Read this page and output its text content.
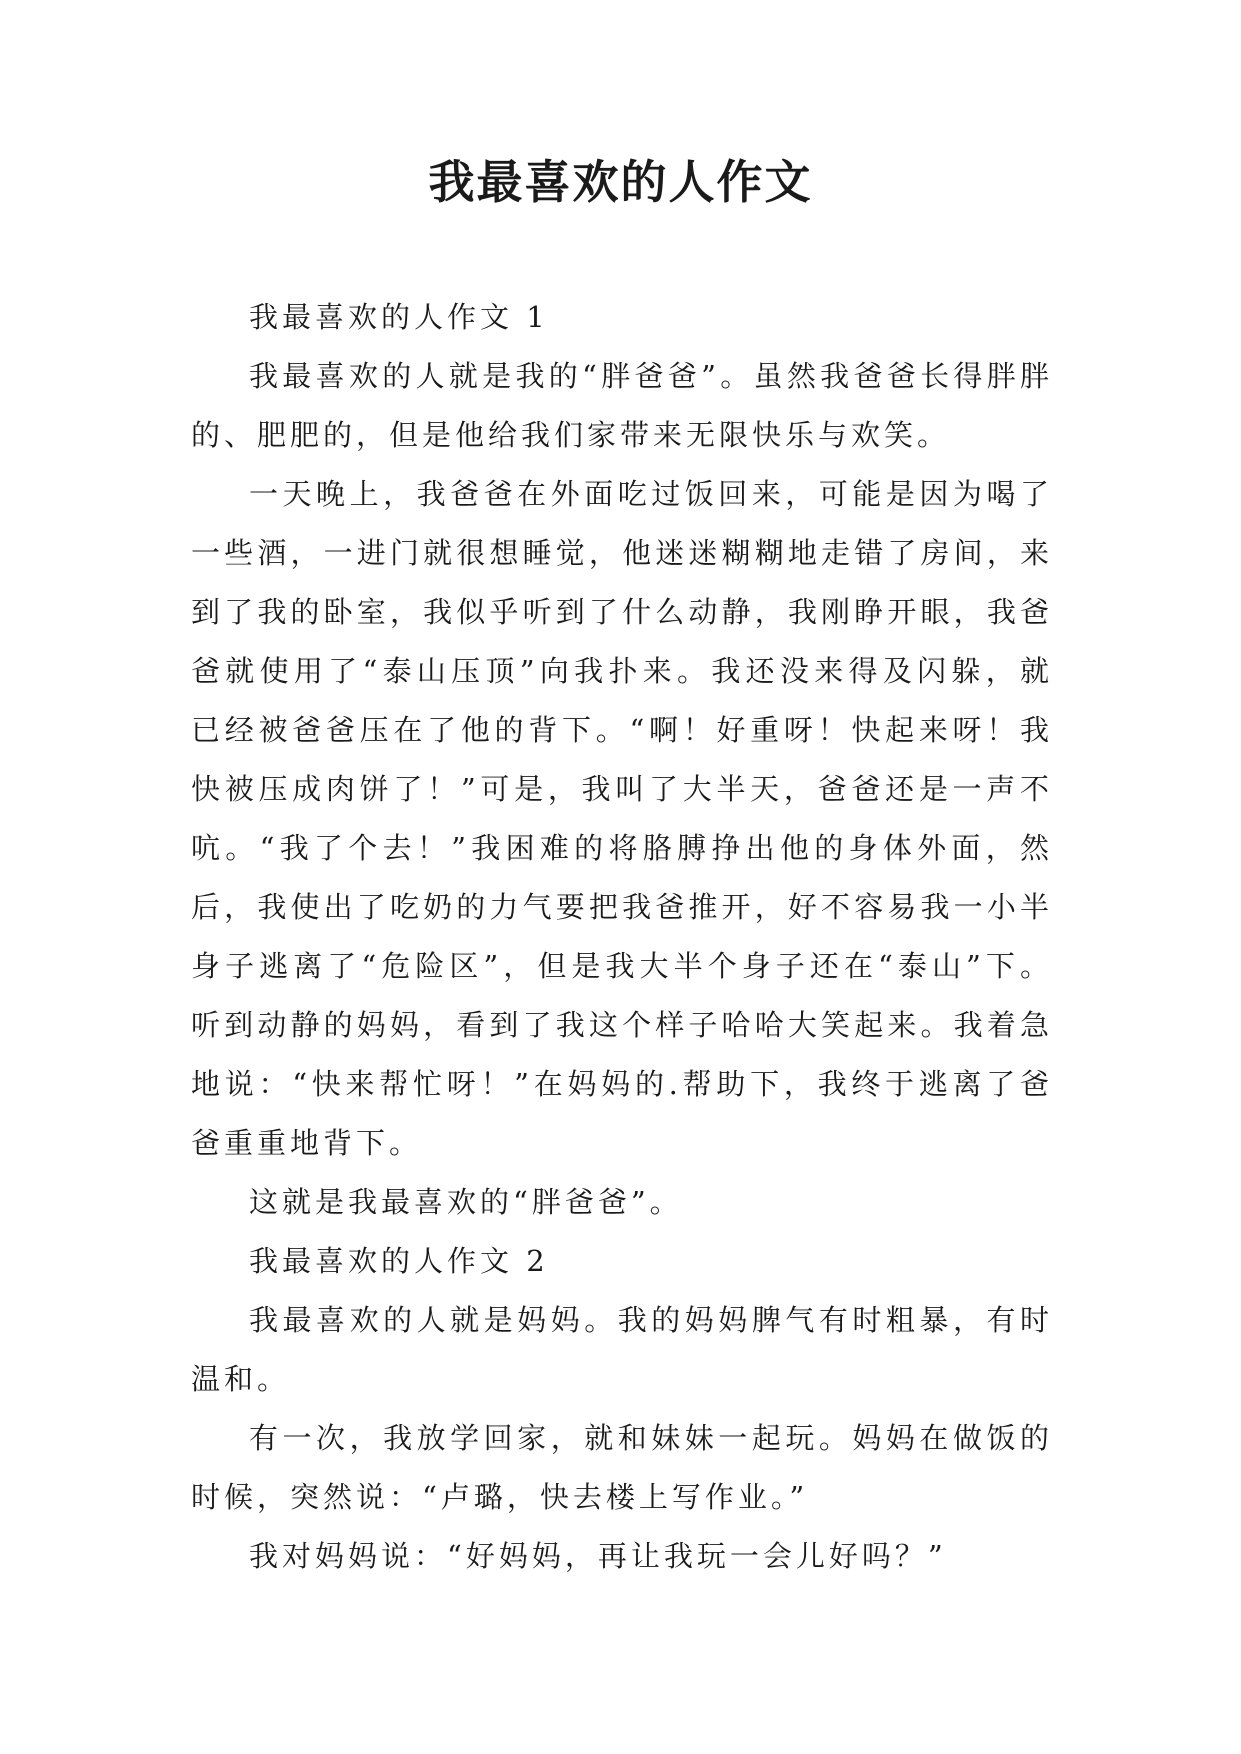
我最喜欢的人作文

我最喜欢的人作文 1

我最喜欢的人就是我的“胖爸爸”。虽然我爸爸长得胖胖的、肥肥的，但是他给我们家带来无限快乐与欢笑。

一天晚上，我爸爸在外面吃过饭回来，可能是因为喝了一些酒，一进门就很想睡觉，他迷迷糊糊地走错了房间，来到了我的卧室，我似乎听到了什么动静，我刚睁开眼，我爸爸就使用了“泰山压顶”向我扑来。我还没来得及闪躲，就已经被爸爸压在了他的背下。“啊！好重呀！快起来呀！我快被压成肉饼了！”可是，我叫了大半天，爸爸还是一声不吭。“我了个去！”我困难的将胳膊挣出他的身体外面，然后，我使出了吃奶的力气要把我爸推开，好不容易我一小半身子逃离了“危险区”，但是我大半个身子还在“泰山”下。听到动静的妈妈，看到了我这个样子哈哈大笑起来。我着急地说：“快来帮忙呀！”在妈妈的.帮助下，我终于逃离了爸爸重重地背下。

这就是我最喜欢的“胖爸爸”。

我最喜欢的人作文 2

我最喜欢的人就是妈妈。我的妈妈脾气有时粗暴，有时温和。

有一次，我放学回家，就和妹妹一起玩。妈妈在做饭的时候，突然说：“卢璐，快去楼上写作业。”

我对妈妈说：“好妈妈，再让我玩一会儿好吗？”
